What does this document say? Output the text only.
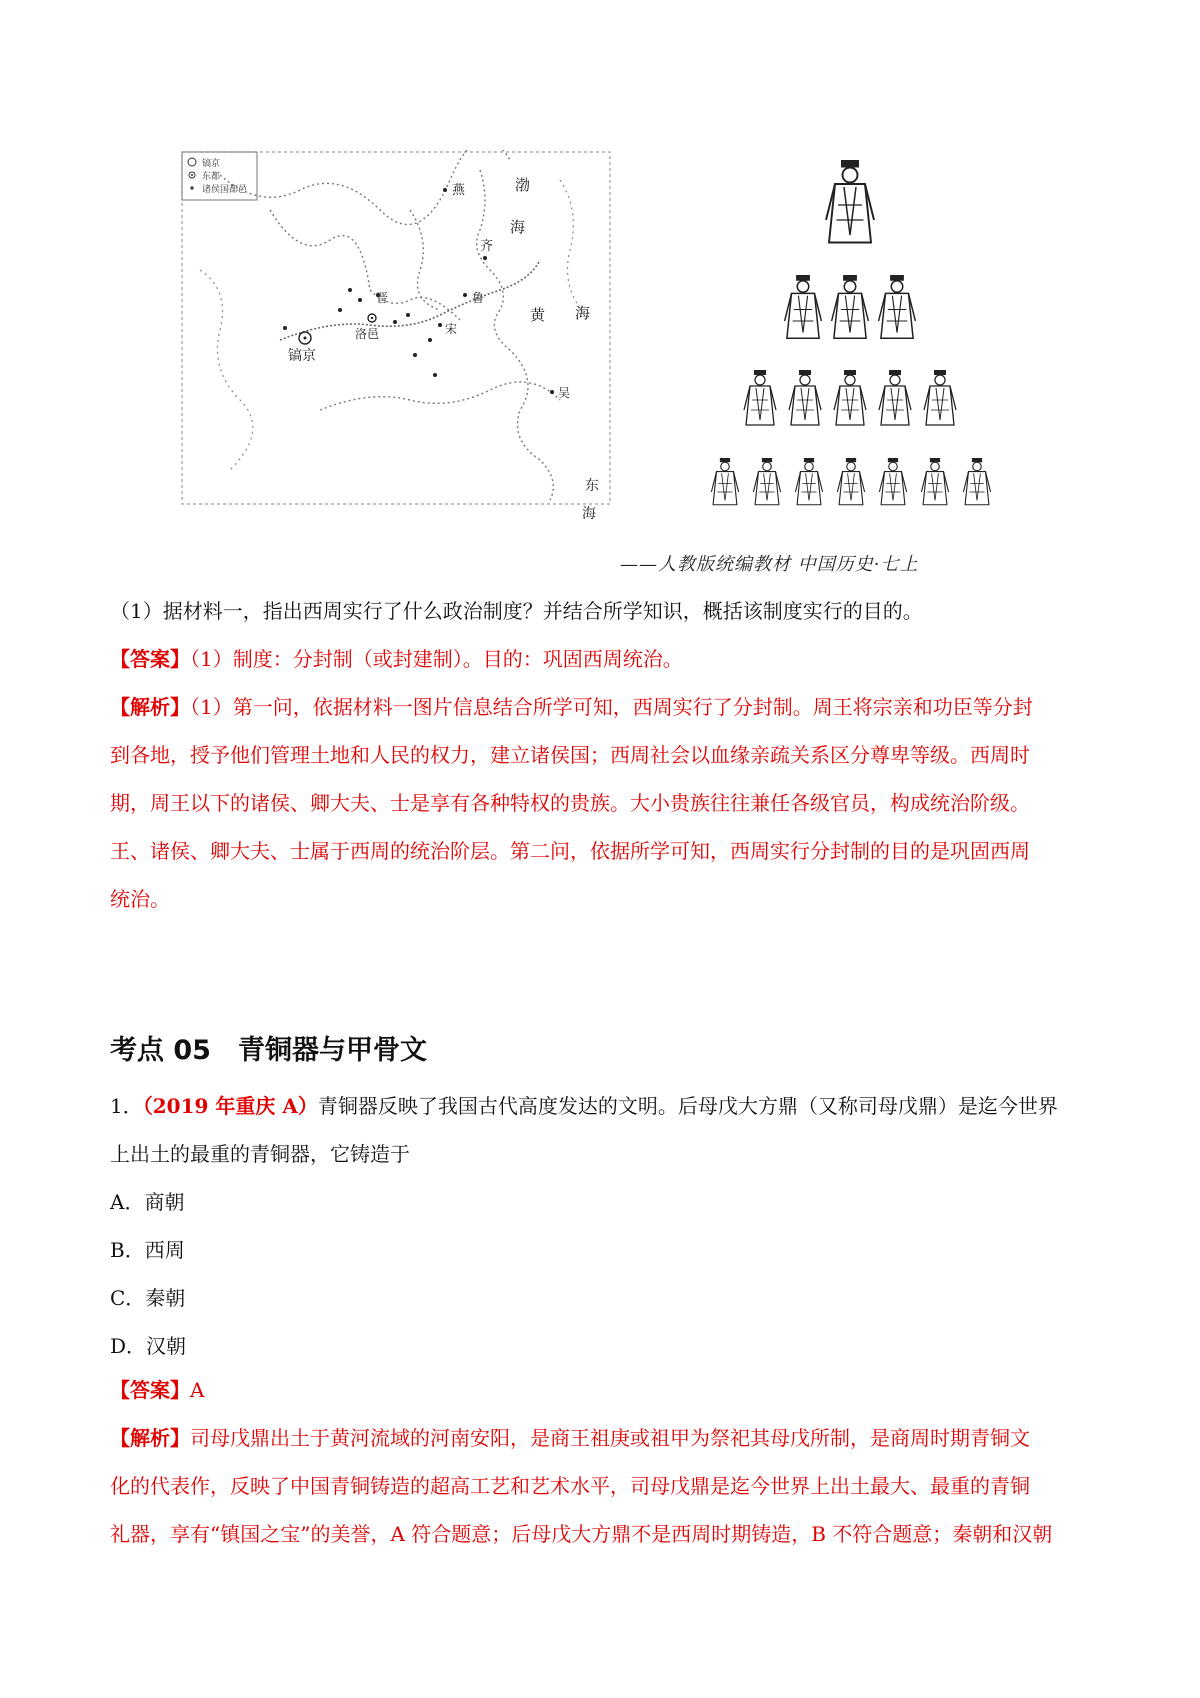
镐京
东都
诸侯国都邑	燕	渤
海
齐
晋	鲁
黄 海
镐京
洛邑	宋
吴
东
海
——人教版统编教材 中国历史·七上
（1）据材料一，指出西周实行了什么政治制度？并结合所学知识，概括该制度实行的目的。
【答案】（1）制度：分封制（或封建制）。目的：巩固西周统治。
【解析】（1）第一问，依据材料一图片信息结合所学可知，西周实行了分封制。周王将宗亲和功臣等分封
到各地，授予他们管理土地和人民的权力，建立诸侯国；西周社会以血缘亲疏关系区分尊卑等级。西周时
期，周王以下的诸侯、卿大夫、士是享有各种特权的贵族。大小贵族往往兼任各级官员，构成统治阶级。
王、诸侯、卿大夫、士属于西周的统治阶层。第二问，依据所学可知，西周实行分封制的目的是巩固西周
统治。
考点 05　青铜器与甲骨文
1．（2019 年重庆 A）青铜器反映了我国古代高度发达的文明。后母戊大方鼎（又称司母戊鼎）是迄今世界
上出土的最重的青铜器，它铸造于
A．商朝
B．西周
C．秦朝
D．汉朝
【答案】A
【解析】司母戊鼎出土于黄河流域的河南安阳，是商王祖庚或祖甲为祭祀其母戊所制，是商周时期青铜文
化的代表作，反映了中国青铜铸造的超高工艺和艺术水平，司母戊鼎是迄今世界上出土最大、最重的青铜
礼器，享有“镇国之宝”的美誉，A 符合题意；后母戊大方鼎不是西周时期铸造，B 不符合题意；秦朝和汉朝
